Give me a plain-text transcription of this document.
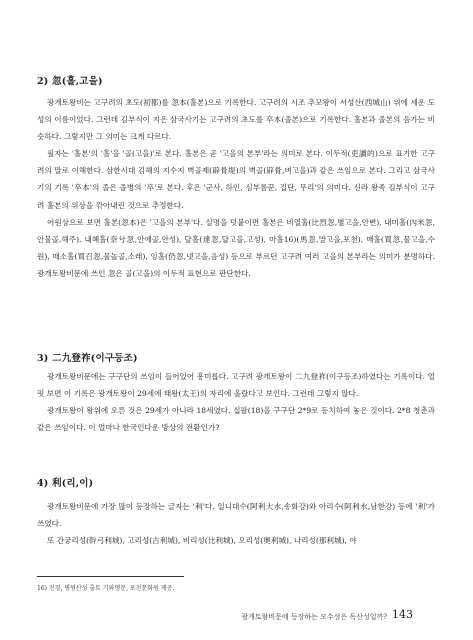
2) 忽(홀,고을)

광개토왕비는 고구려의 초도(初都)를 忽本(홀본)으로 기록한다. 고구려의 시조 추모왕이 서성산(西城山) 위에 세운 도성의 이름이었다. 그런데 김부식이 지은 삼국사기는 고구려의 초도를 卒本(졸본)으로 기록한다. 홀본과 졸본의 음가는 비슷하다. 그렇지만 그 의미는 크게 다르다.

필자는 '홀본'의 '홀'을 '골(고을)'로 본다. 홀본은 곧 '고을의 본부'라는 의미로 본다. 이두적(吏讀的)으로 표기한 고구려의 말로 이해한다. 삼한시대 김해의 지수지 벽골제(辟骨堤)의 벽골(辟骨,벼고을)과 같은 쓰임으로 본다. 그리고 삼국사기의 기록 '卒本'의 졸은 졸병의 '卒'로 본다. 후은 '군사, 하인, 심부름꾼, 집단, 무리'의 의미다. 신라 왕족 김부식이 고구려 홀본의 위상을 깎아내린 것으로 추정한다.

어원상으로 보면 홀본(忽本)은 '고을의 본부'다. 실명을 덧붙이면 홀본은 비열홀(比烈忽,별고을,안변), 내미홀(內米忽,안물골,해주), 내혜홀(奈兮忽,안에골,안성), 달홀(達忽,달고을,고성), 마홀16)(馬忽,말고을,포천), 매홀(買忽,물고을,수원), 매소홀(買召忽,물놀골,소래), 잉홀(仍忽,넷고을,음성) 등으로 부르던 고구려 여러 고을의 본부라는 의미가 분명하다. 광개토왕비문에 쓰인 忽은 골(고을)의 이두적 표현으로 판단한다.

3) 二九登祚(이구등조)

광개토왕비문에는 구구단의 쓰임이 들어있어 흥미롭다. 고구려 광개토왕이 二九登祚(이구등조)하였다는 기록이다. 얼핏 보면 이 기록은 광개토왕이 29세에 태왕(太王)의 자리에 올랐다고 보인다. 그런데 그렇지 않다.

광개토왕이 왕위에 오른 것은 29세가 아니라 18세였다. 십팔(18)을 구구단 2*9로 등치하여 놓은 것이다. 2*8 청춘과 같은 쓰임이다. 이 얼마나 한국인다운 방상의 전환인가?

4) 利(리,이)

광개토왕비문에 가장 많이 등장하는 글자는 '利'다. 일니대수(阿利大水,송화강)와 아리수(阿利水,남한강) 등에 '利'가 쓰였다.

또 간궁리성(幹弓利城), 고리성(古利城), 비리성(比利城), 오리성(奧利城), 나리성(那利城), 야

16) 진경, 병원산성 출토 기와명문, 포천문화원 제공.
광개토왕비문에 등장하는 모수성은 독산성일까? 143
